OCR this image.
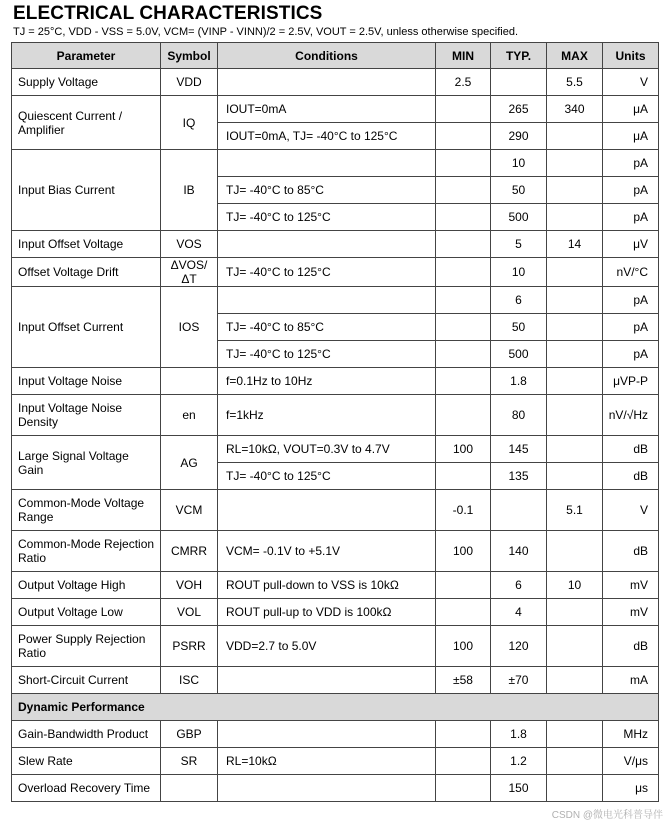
ELECTRICAL CHARACTERISTICS
TJ = 25°C, VDD - VSS = 5.0V, VCM= (VINP - VINN)/2 = 2.5V, VOUT = 2.5V, unless otherwise specified.
Parameter	Symbol	Conditions	MIN	TYP.	MAX	Units
Supply Voltage	VDD		2.5		5.5	V
Quiescent Current / Amplifier	IQ	IOUT=0mA		265	340	μA
		IOUT=0mA, TJ= -40°C to 125°C		290		μA
Input Bias Current	IB			10		pA
		TJ= -40°C to 85°C		50		pA
		TJ= -40°C to 125°C		500		pA
Input Offset Voltage	VOS			5	14	μV
Offset Voltage Drift	ΔVOS/ΔT	TJ= -40°C to 125°C		10		nV/°C
Input Offset Current	IOS			6		pA
		TJ= -40°C to 85°C		50		pA
		TJ= -40°C to 125°C		500		pA
Input Voltage Noise		f=0.1Hz to 10Hz		1.8		μVP-P
Input Voltage Noise Density	en	f=1kHz		80		nV/√Hz
Large Signal Voltage Gain	AG	RL=10kΩ, VOUT=0.3V to 4.7V	100	145		dB
		TJ= -40°C to 125°C		135		dB
Common-Mode Voltage Range	VCM		-0.1		5.1	V
Common-Mode Rejection Ratio	CMRR	VCM= -0.1V to +5.1V	100	140		dB
Output Voltage High	VOH	ROUT pull-down to VSS is 10kΩ		6	10	mV
Output Voltage Low	VOL	ROUT pull-up to VDD is 100kΩ		4		mV
Power Supply Rejection Ratio	PSRR	VDD=2.7 to 5.0V	100	120		dB
Short-Circuit Current	ISC		±58	±70		mA
Dynamic Performance						
Gain-Bandwidth Product	GBP			1.8		MHz
Slew Rate	SR	RL=10kΩ		1.2		V/μs
Overload Recovery Time				150		μs
CSDN @微电光科普导伴
